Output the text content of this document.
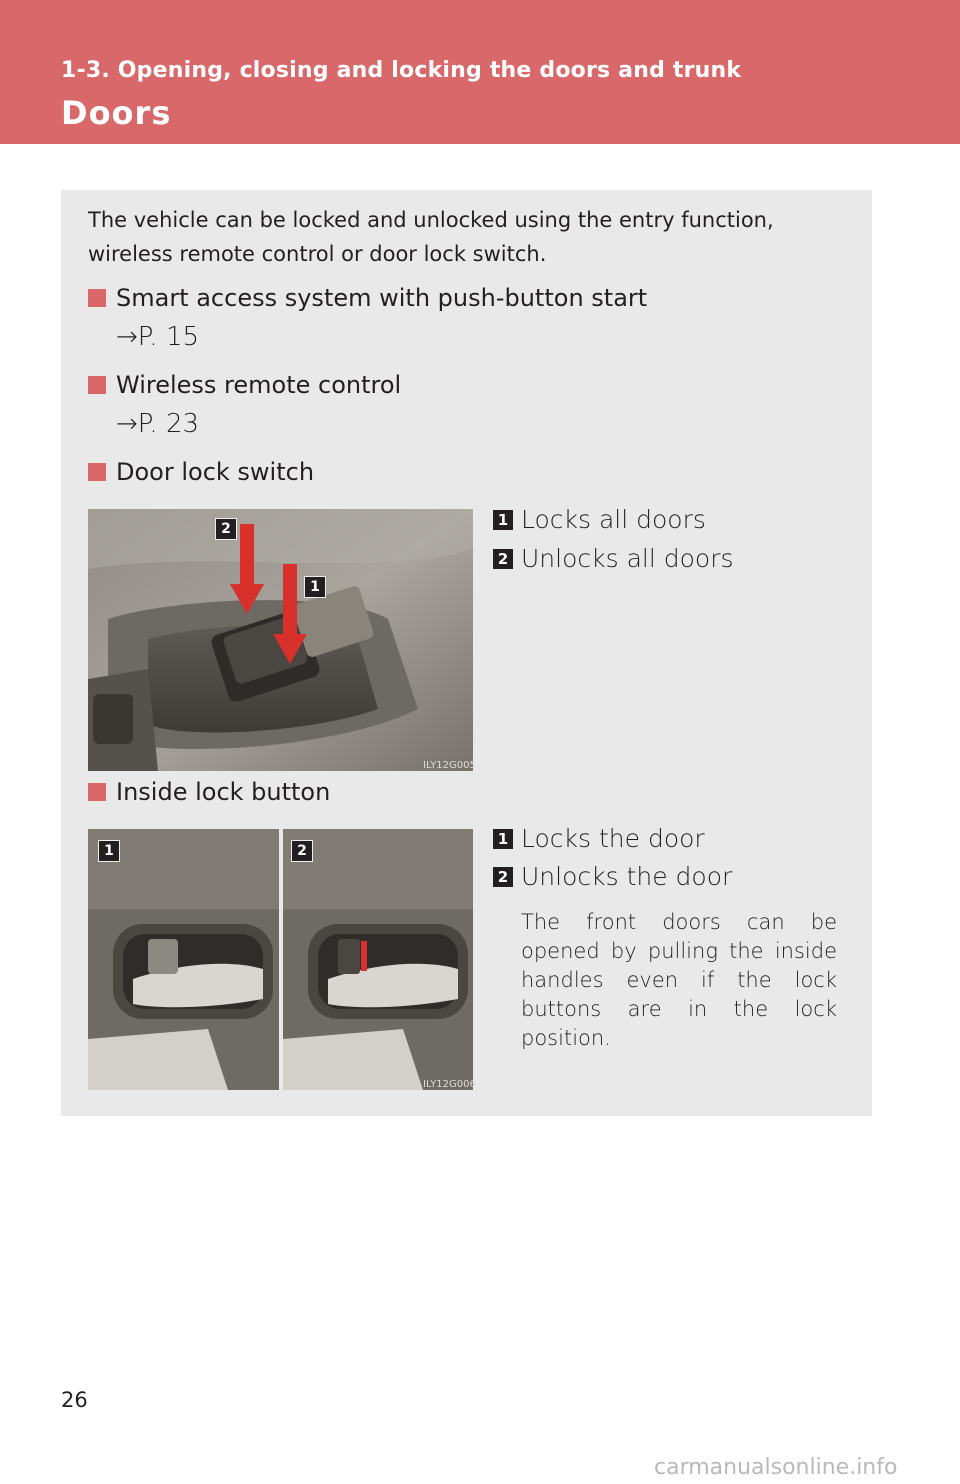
1-3. Opening, closing and locking the doors and trunk
Doors
The vehicle can be locked and unlocked using the entry function, wireless remote control or door lock switch.
Smart access system with push-button start
→P. 15
Wireless remote control
→P. 23
Door lock switch
2
1
ILY12G005
1 Locks all doors
2 Unlocks all doors
Inside lock button
1	2
ILY12G006
1 Locks the door
2 Unlocks the door
The front doors can be opened by pulling the inside handles even if the lock buttons are in the lock position.
26
carmanualsonline.info
